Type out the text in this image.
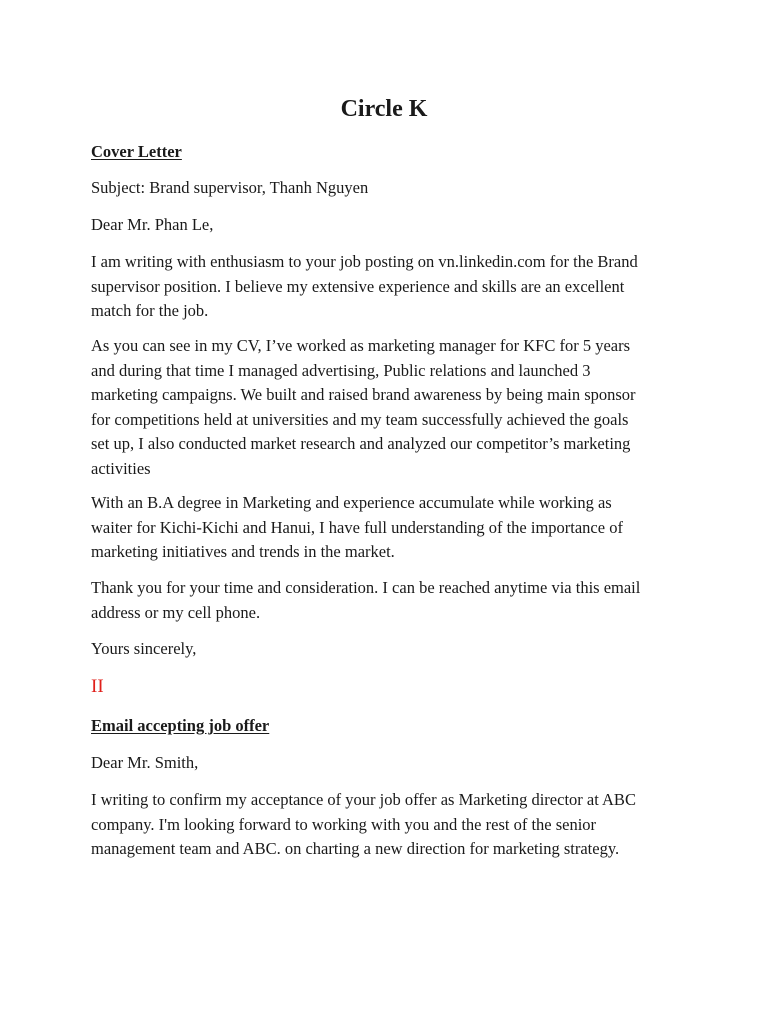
Circle K

Cover Letter

Subject: Brand supervisor, Thanh Nguyen

Dear Mr. Phan Le,

I am writing with enthusiasm to your job posting on vn.linkedin.com for the Brand
supervisor position. I believe my extensive experience and skills are an excellent
match for the job.

As you can see in my CV, I’ve worked as marketing manager for KFC for 5 years
and during that time I managed advertising, Public relations and launched 3
marketing campaigns. We built and raised brand awareness by being main sponsor
for competitions held at universities and my team successfully achieved the goals
set up, I also conducted market research and analyzed our competitor’s marketing
activities

With an B.A degree in Marketing and experience accumulate while working as
waiter for Kichi-Kichi and Hanui, I have full understanding of the importance of
marketing initiatives and trends in the market.

Thank you for your time and consideration. I can be reached anytime via this email
address or my cell phone.

Yours sincerely,

II

Email accepting job offer

Dear Mr. Smith,

I writing to confirm my acceptance of your job offer as Marketing director at ABC
company. I'm looking forward to working with you and the rest of the senior
management team and ABC. on charting a new direction for marketing strategy.
